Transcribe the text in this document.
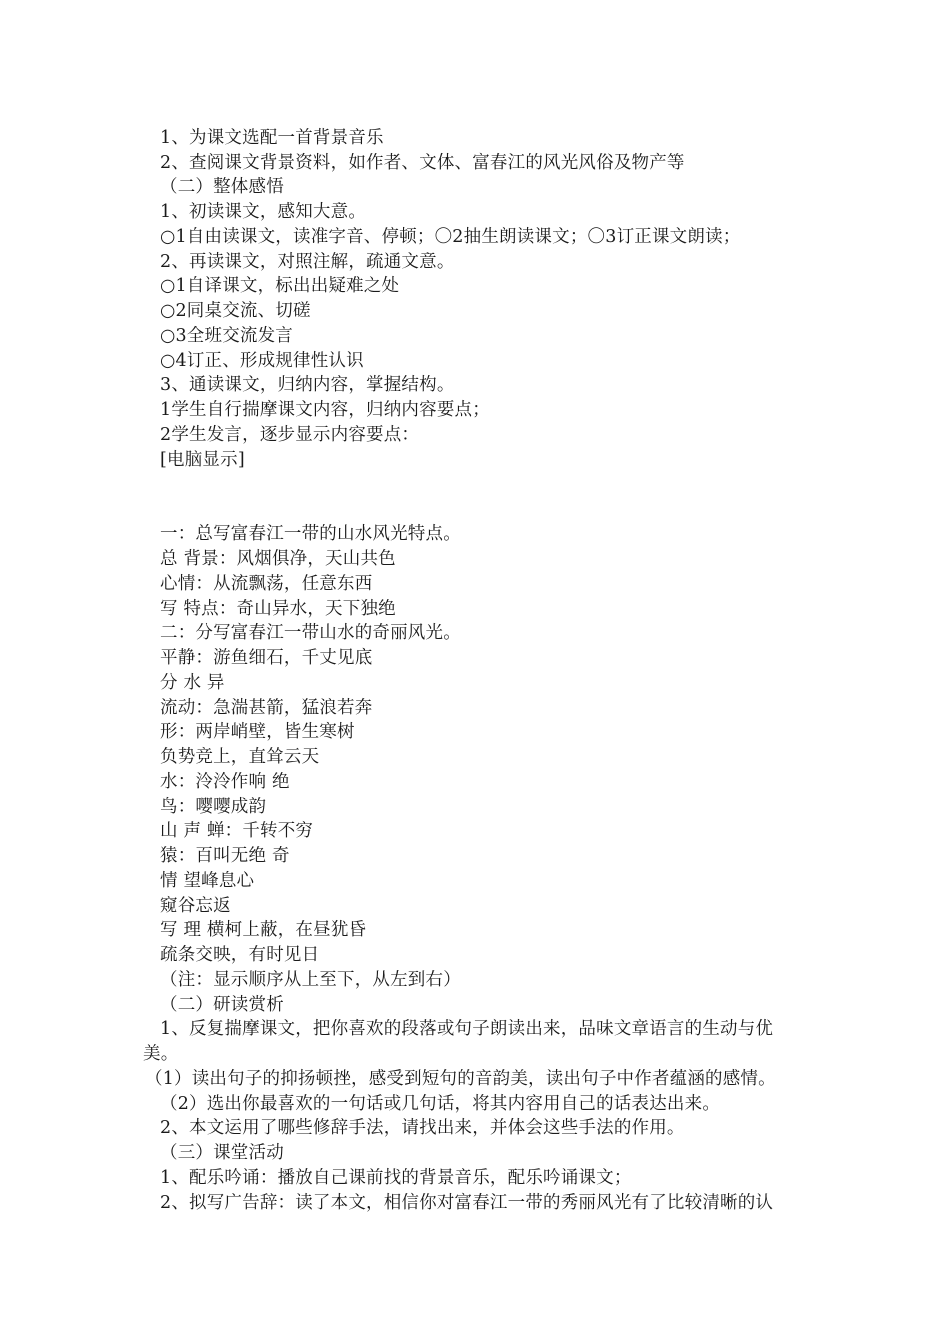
1、为课文选配一首背景音乐
2、查阅课文背景资料，如作者、文体、富春江的风光风俗及物产等
（二）整体感悟
1、初读课文，感知大意。
○1自由读课文，读准字音、停顿；〇2抽生朗读课文；〇3订正课文朗读；
2、再读课文，对照注解，疏通文意。
○1自译课文，标出出疑难之处
○2同桌交流、切磋
○3全班交流发言
○4订正、形成规律性认识
3、通读课文，归纳内容，掌握结构。
1学生自行揣摩课文内容，归纳内容要点；
2学生发言，逐步显示内容要点：
[电脑显示]
一：总写富春江一带的山水风光特点。
总 背景：风烟俱净，天山共色
心情：从流飘荡，任意东西
写 特点：奇山异水，天下独绝
二：分写富春江一带山水的奇丽风光。
平静：游鱼细石，千丈见底
分 水 异
流动：急湍甚箭，猛浪若奔
形：两岸峭壁，皆生寒树
负势竞上，直耸云天
水：泠泠作响 绝
鸟：嘤嘤成韵
山 声 蝉：千转不穷
猿：百叫无绝 奇
情 望峰息心
窥谷忘返
写 理 横柯上蔽，在昼犹昏
疏条交映，有时见日
（注：显示顺序从上至下，从左到右）
（二）研读赏析
1、反复揣摩课文，把你喜欢的段落或句子朗读出来，品味文章语言的生动与优
美。
（1）读出句子的抑扬顿挫，感受到短句的音韵美，读出句子中作者蕴涵的感情。
（2）选出你最喜欢的一句话或几句话，将其内容用自己的话表达出来。
2、本文运用了哪些修辞手法，请找出来，并体会这些手法的作用。
（三）课堂活动
1、配乐吟诵：播放自己课前找的背景音乐，配乐吟诵课文；
2、拟写广告辞：读了本文，相信你对富春江一带的秀丽风光有了比较清晰的认
